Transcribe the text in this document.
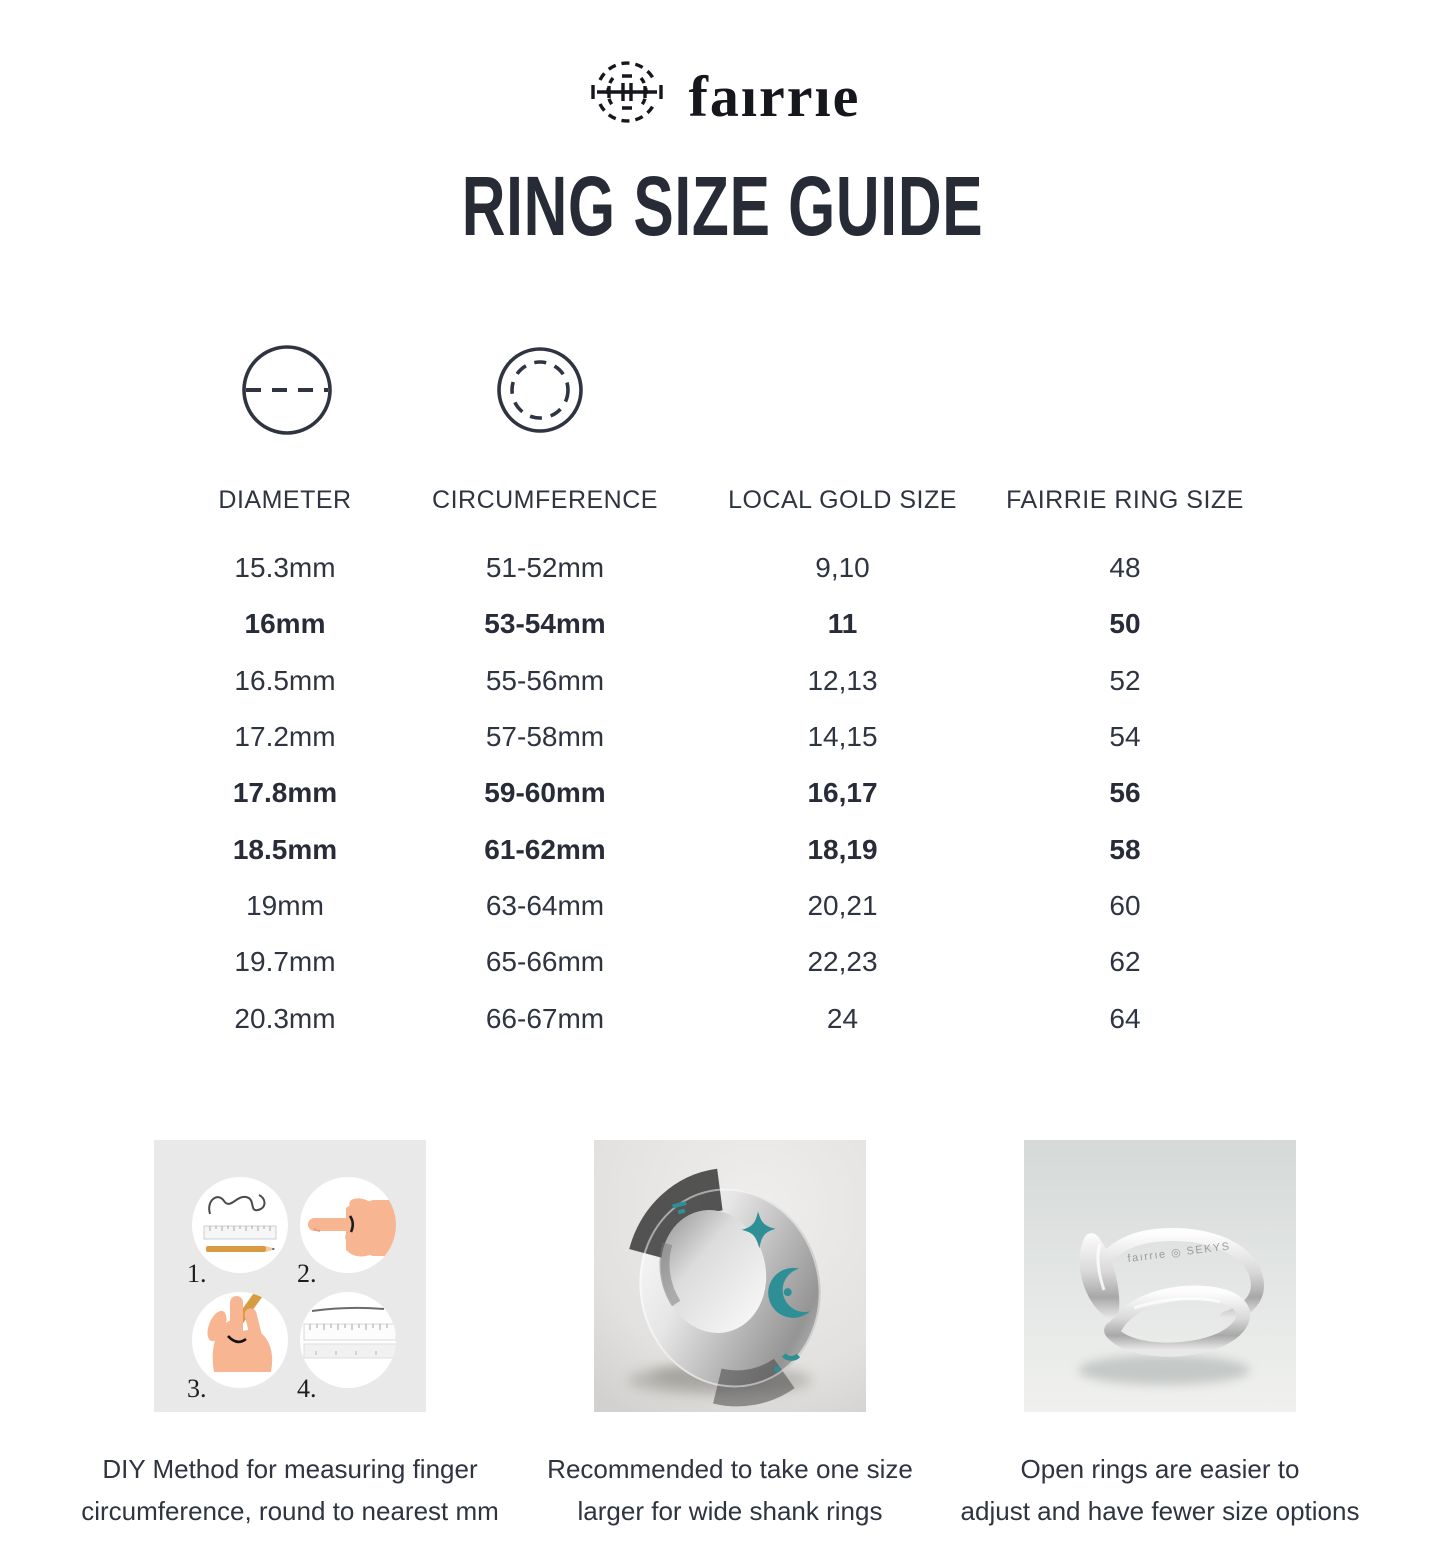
faırrıe
RING SIZE GUIDE
DIAMETER	CIRCUMFERENCE	LOCAL GOLD SIZE	FAIRRIE RING SIZE
15.3mm	51-52mm	9,10	48
16mm	53-54mm	11	50
16.5mm	55-56mm	12,13	52
17.2mm	57-58mm	14,15	54
17.8mm	59-60mm	16,17	56
18.5mm	61-62mm	18,19	58
19mm	63-64mm	20,21	60
19.7mm	65-66mm	22,23	62
20.3mm	66-67mm	24	64
1.	2.
3.	4.
DIY Method for measuring finger
circumference, round to nearest mm
Recommended to take one size
larger for wide shank rings
faırrıe ◎ SEKYS
Open rings are easier to
adjust and have fewer size options
